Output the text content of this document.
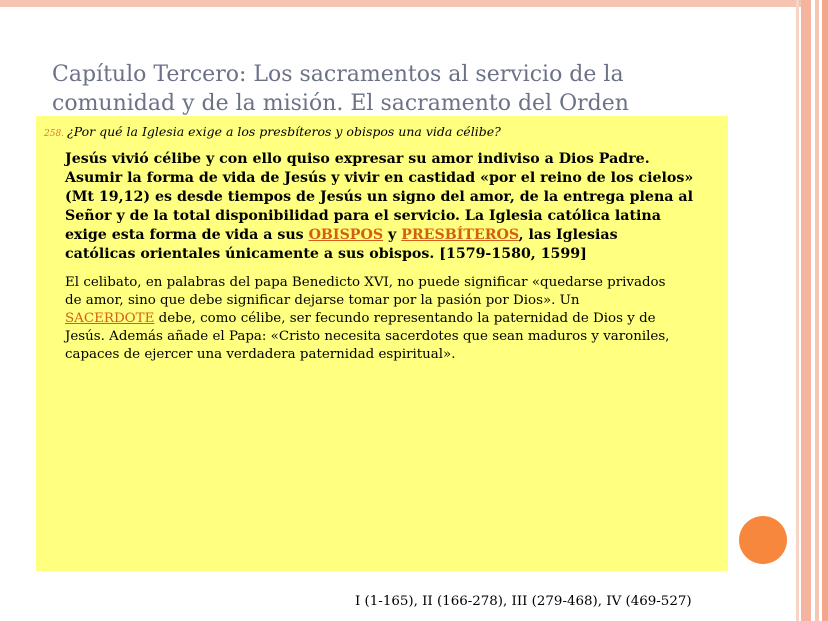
Capítulo Tercero: Los sacramentos al servicio de la
comunidad y de la misión. El sacramento del Orden
258. ¿Por qué la Iglesia exige a los presbíteros y obispos una vida célibe?
Jesús vivió célibe y con ello quiso expresar su amor indiviso a Dios Padre.
Asumir la forma de vida de Jesús y vivir en castidad «por el reino de los cielos»
(Mt 19,12) es desde tiempos de Jesús un signo del amor, de la entrega plena al
Señor y de la total disponibilidad para el servicio. La Iglesia católica latina
exige esta forma de vida a sus OBISPOS y PRESBÍTEROS, las Iglesias
católicas orientales únicamente a sus obispos. [1579-1580, 1599]
El celibato, en palabras del papa Benedicto XVI, no puede significar «quedarse privados
de amor, sino que debe significar dejarse tomar por la pasión por Dios». Un
SACERDOTE debe, como célibe, ser fecundo representando la paternidad de Dios y de
Jesús. Además añade el Papa: «Cristo necesita sacerdotes que sean maduros y varoniles,
capaces de ejercer una verdadera paternidad espiritual».
I (1-165), II (166-278), III (279-468), IV (469-527)
